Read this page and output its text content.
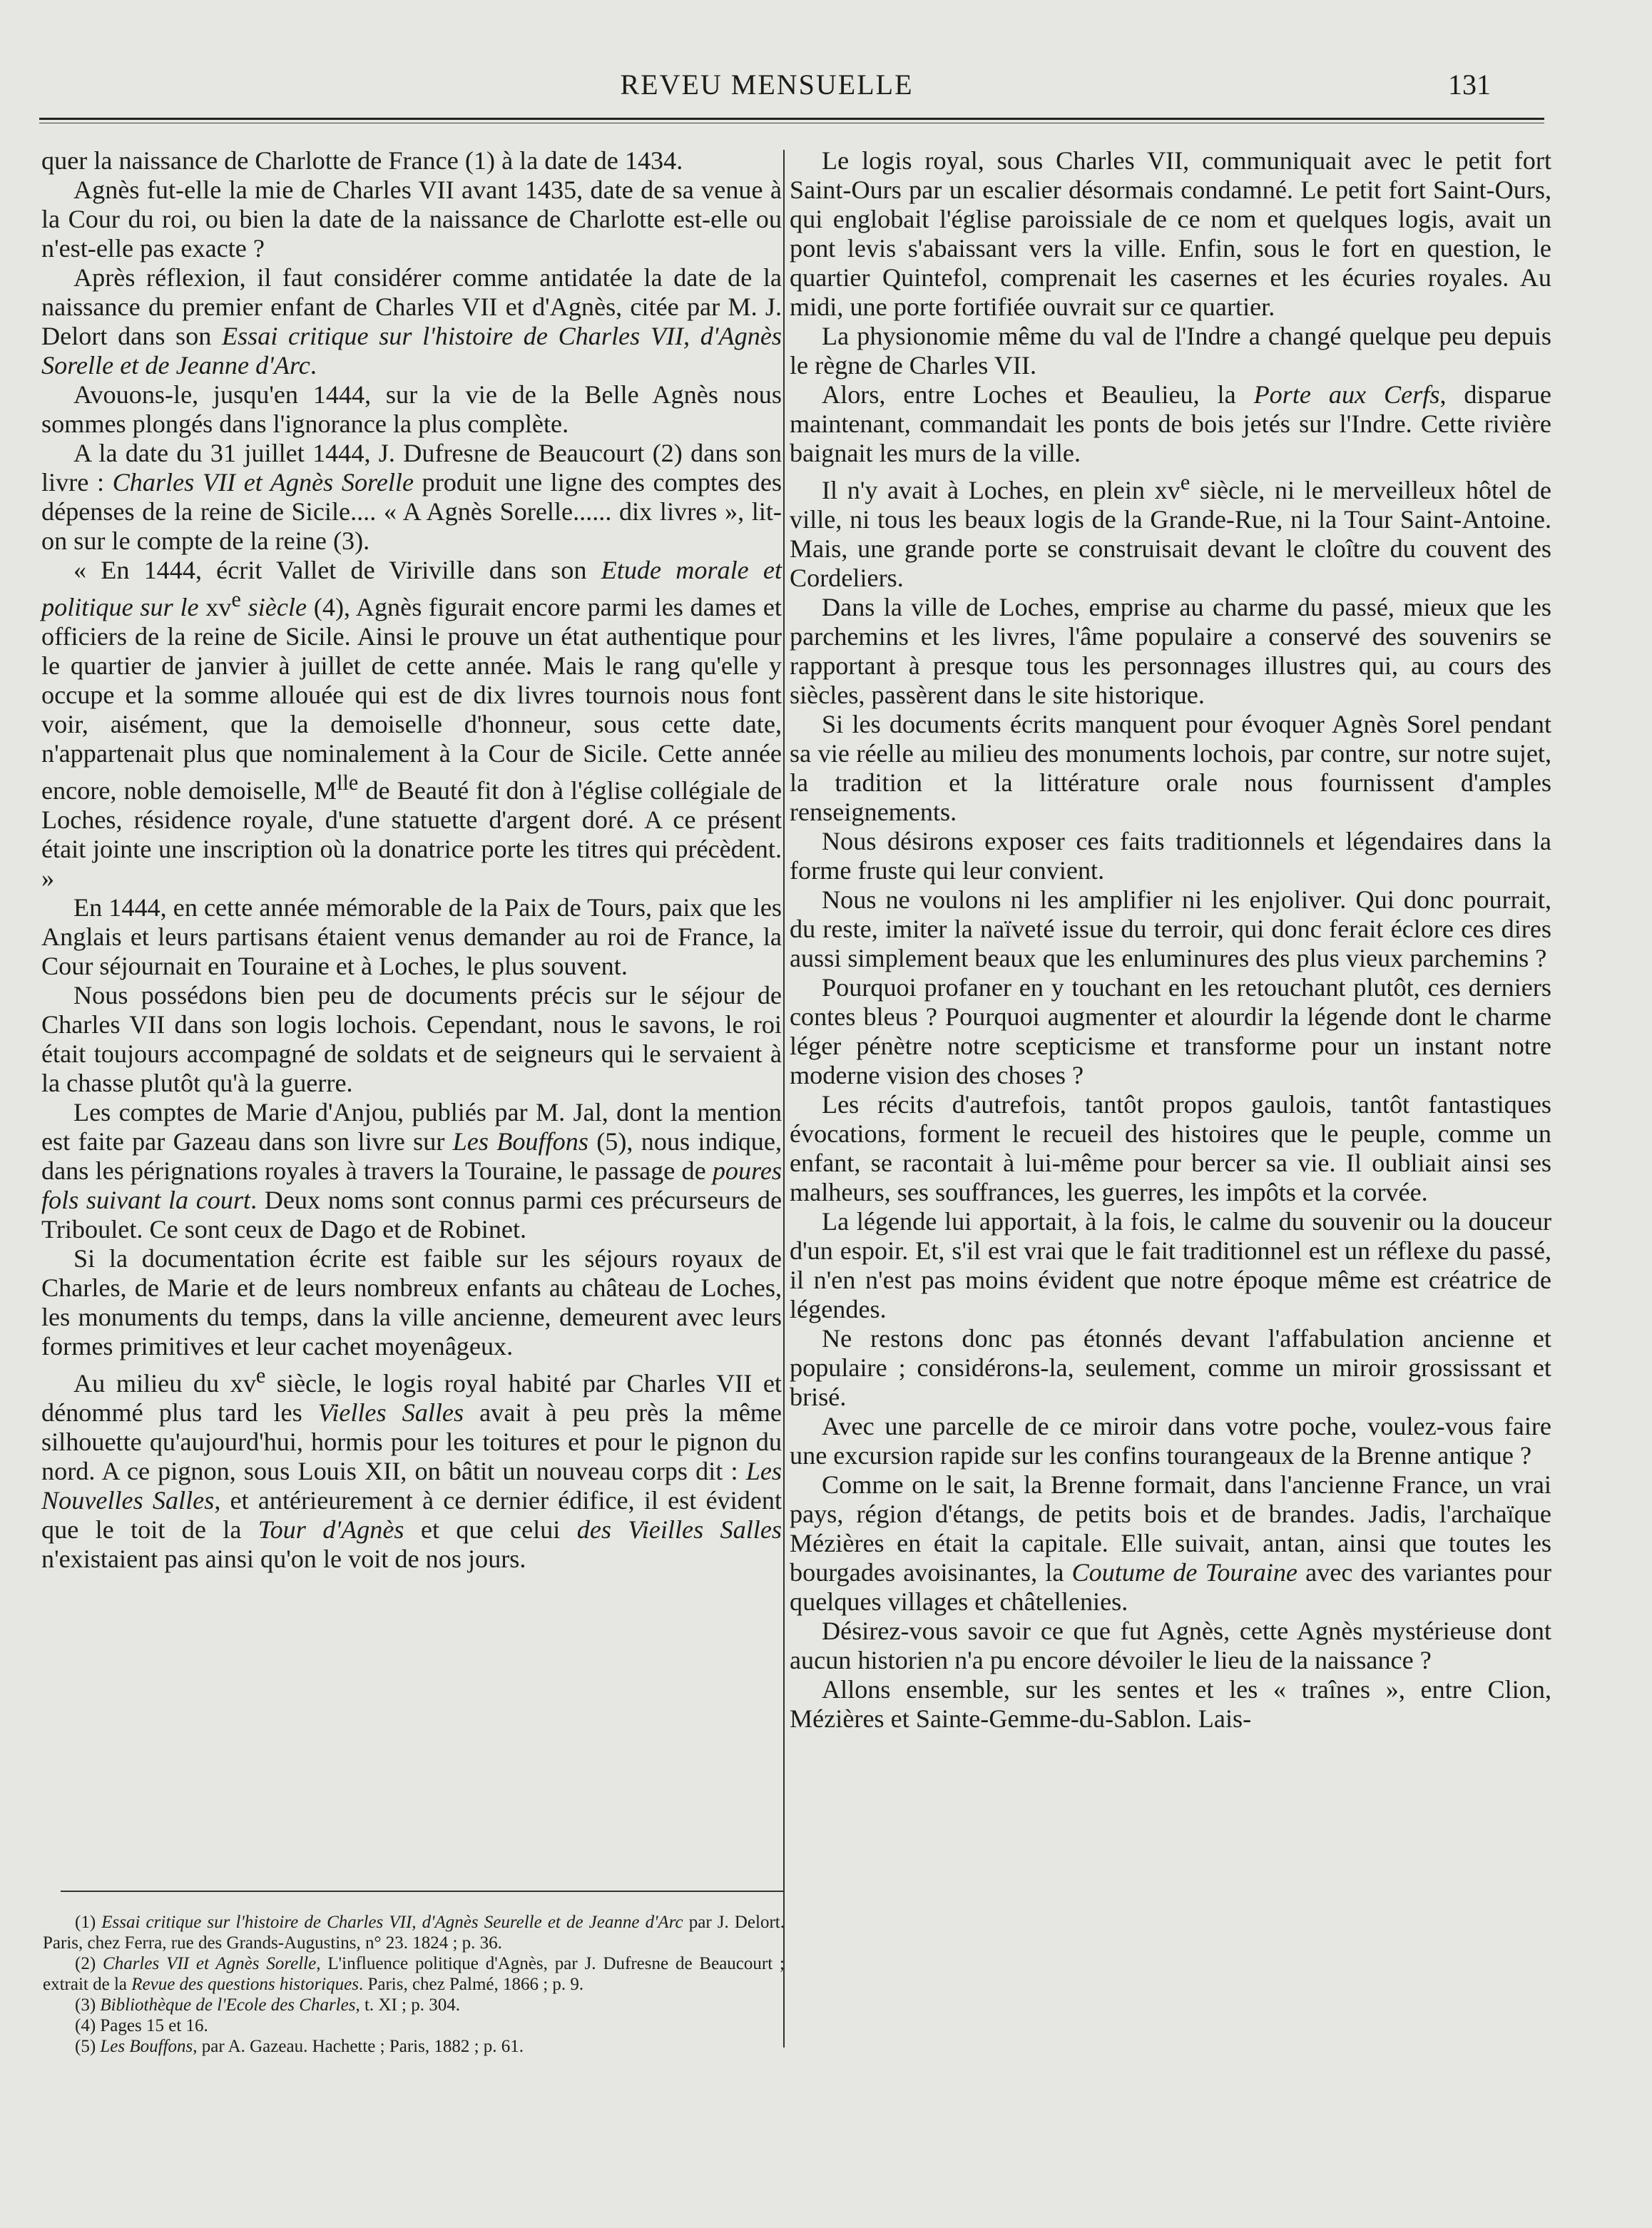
REVEU MENSUELLE	131

quer la naissance de Charlotte de France (1) à la date de 1434.

Agnès fut-elle la mie de Charles VII avant 1435, date de sa venue à la Cour du roi, ou bien la date de la naissance de Charlotte est-elle ou n'est-elle pas exacte ?

Après réflexion, il faut considérer comme antidatée la date de la naissance du premier enfant de Charles VII et d'Agnès, citée par M. J. Delort dans son Essai critique sur l'histoire de Charles VII, d'Agnès Sorelle et de Jeanne d'Arc.

Avouons-le, jusqu'en 1444, sur la vie de la Belle Agnès nous sommes plongés dans l'ignorance la plus complète.

A la date du 31 juillet 1444, J. Dufresne de Beaucourt (2) dans son livre : Charles VII et Agnès Sorelle produit une ligne des comptes des dépenses de la reine de Sicile.... « A Agnès Sorelle...... dix livres », lit-on sur le compte de la reine (3).

« En 1444, écrit Vallet de Viriville dans son Etude morale et politique sur le $xv^e$ siècle (4), Agnès figurait encore parmi les dames et officiers de la reine de Sicile. Ainsi le prouve un état authentique pour le quartier de janvier à juillet de cette année. Mais le rang qu'elle y occupe et la somme allouée qui est de dix livres tournois nous font voir, aisément, que la demoiselle d'honneur, sous cette date, n'appartenait plus que nominalement à la Cour de Sicile. Cette année encore, noble demoiselle, $M^{lle}$ de Beauté fit don à l'église collégiale de Loches, résidence royale, d'une statuette d'argent doré. A ce présent était jointe une inscription où la donatrice porte les titres qui précèdent. »

En 1444, en cette année mémorable de la Paix de Tours, paix que les Anglais et leurs partisans étaient venus demander au roi de France, la Cour séjournait en Touraine et à Loches, le plus souvent.

Nous possédons bien peu de documents précis sur le séjour de Charles VII dans son logis lochois. Cependant, nous le savons, le roi était toujours accompagné de soldats et de seigneurs qui le servaient à la chasse plutôt qu'à la guerre.

Les comptes de Marie d'Anjou, publiés par M. Jal, dont la mention est faite par Gazeau dans son livre sur Les Bouffons (5), nous indique, dans les pérignations royales à travers la Touraine, le passage de poures fols suivant la court. Deux noms sont connus parmi ces précurseurs de Triboulet. Ce sont ceux de Dago et de Robinet.

Si la documentation écrite est faible sur les séjours royaux de Charles, de Marie et de leurs nombreux enfants au château de Loches, les monuments du temps, dans la ville ancienne, demeurent avec leurs formes primitives et leur cachet moyenâgeux.

Au milieu du $xv^e$ siècle, le logis royal habité par Charles VII et dénommé plus tard les Vielles Salles avait à peu près la même silhouette qu'aujourd'hui, hormis pour les toitures et pour le pignon du nord. A ce pignon, sous Louis XII, on bâtit un nouveau corps dit : Les Nouvelles Salles, et antérieurement à ce dernier édifice, il est évident que le toit de la Tour d'Agnès et que celui des Vieilles Salles n'existaient pas ainsi qu'on le voit de nos jours.

(1) Essai critique sur l'histoire de Charles VII, d'Agnès Seurelle et de Jeanne d'Arc par J. Delort. Paris, chez Ferra, rue des Grands-Augustins, n° 23. 1824 ; p. 36.

(2) Charles VII et Agnès Sorelle, L'influence politique d'Agnès, par J. Dufresne de Beaucourt ; extrait de la Revue des questions historiques. Paris, chez Palmé, 1866 ; p. 9.

(3) Bibliothèque de l'Ecole des Charles, t. XI ; p. 304.

(4) Pages 15 et 16.

(5) Les Bouffons, par A. Gazeau. Hachette ; Paris, 1882 ; p. 61.

Le logis royal, sous Charles VII, communiquait avec le petit fort Saint-Ours par un escalier désormais condamné. Le petit fort Saint-Ours, qui englobait l'église paroissiale de ce nom et quelques logis, avait un pont levis s'abaissant vers la ville. Enfin, sous le fort en question, le quartier Quintefol, comprenait les casernes et les écuries royales. Au midi, une porte fortifiée ouvrait sur ce quartier.

La physionomie même du val de l'Indre a changé quelque peu depuis le règne de Charles VII.

Alors, entre Loches et Beaulieu, la Porte aux Cerfs, disparue maintenant, commandait les ponts de bois jetés sur l'Indre. Cette rivière baignait les murs de la ville.

Il n'y avait à Loches, en plein $xv^e$ siècle, ni le merveilleux hôtel de ville, ni tous les beaux logis de la Grande-Rue, ni la Tour Saint-Antoine. Mais, une grande porte se construisait devant le cloître du couvent des Cordeliers.

Dans la ville de Loches, emprise au charme du passé, mieux que les parchemins et les livres, l'âme populaire a conservé des souvenirs se rapportant à presque tous les personnages illustres qui, au cours des siècles, passèrent dans le site historique.

Si les documents écrits manquent pour évoquer Agnès Sorel pendant sa vie réelle au milieu des monuments lochois, par contre, sur notre sujet, la tradition et la littérature orale nous fournissent d'amples renseignements.

Nous désirons exposer ces faits traditionnels et légendaires dans la forme fruste qui leur convient.

Nous ne voulons ni les amplifier ni les enjoliver. Qui donc pourrait, du reste, imiter la naïveté issue du terroir, qui donc ferait éclore ces dires aussi simplement beaux que les enluminures des plus vieux parchemins ?

Pourquoi profaner en y touchant en les retouchant plutôt, ces derniers contes bleus ? Pourquoi augmenter et alourdir la légende dont le charme léger pénètre notre scepticisme et transforme pour un instant notre moderne vision des choses ?

Les récits d'autrefois, tantôt propos gaulois, tantôt fantastiques évocations, forment le recueil des histoires que le peuple, comme un enfant, se racontait à lui-même pour bercer sa vie. Il oubliait ainsi ses malheurs, ses souffrances, les guerres, les impôts et la corvée.

La légende lui apportait, à la fois, le calme du souvenir ou la douceur d'un espoir. Et, s'il est vrai que le fait traditionnel est un réflexe du passé, il n'en n'est pas moins évident que notre époque même est créatrice de légendes.

Ne restons donc pas étonnés devant l'affabulation ancienne et populaire ; considérons-la, seulement, comme un miroir grossissant et brisé.

Avec une parcelle de ce miroir dans votre poche, voulez-vous faire une excursion rapide sur les confins tourangeaux de la Brenne antique ?

Comme on le sait, la Brenne formait, dans l'ancienne France, un vrai pays, région d'étangs, de petits bois et de brandes. Jadis, l'archaïque Mézières en était la capitale. Elle suivait, antan, ainsi que toutes les bourgades avoisinantes, la Coutume de Touraine avec des variantes pour quelques villages et châtellenies.

Désirez-vous savoir ce que fut Agnès, cette Agnès mystérieuse dont aucun historien n'a pu encore dévoiler le lieu de la naissance ?

Allons ensemble, sur les sentes et les « traînes », entre Clion, Mézières et Sainte-Gemme-du-Sablon. Lais-
